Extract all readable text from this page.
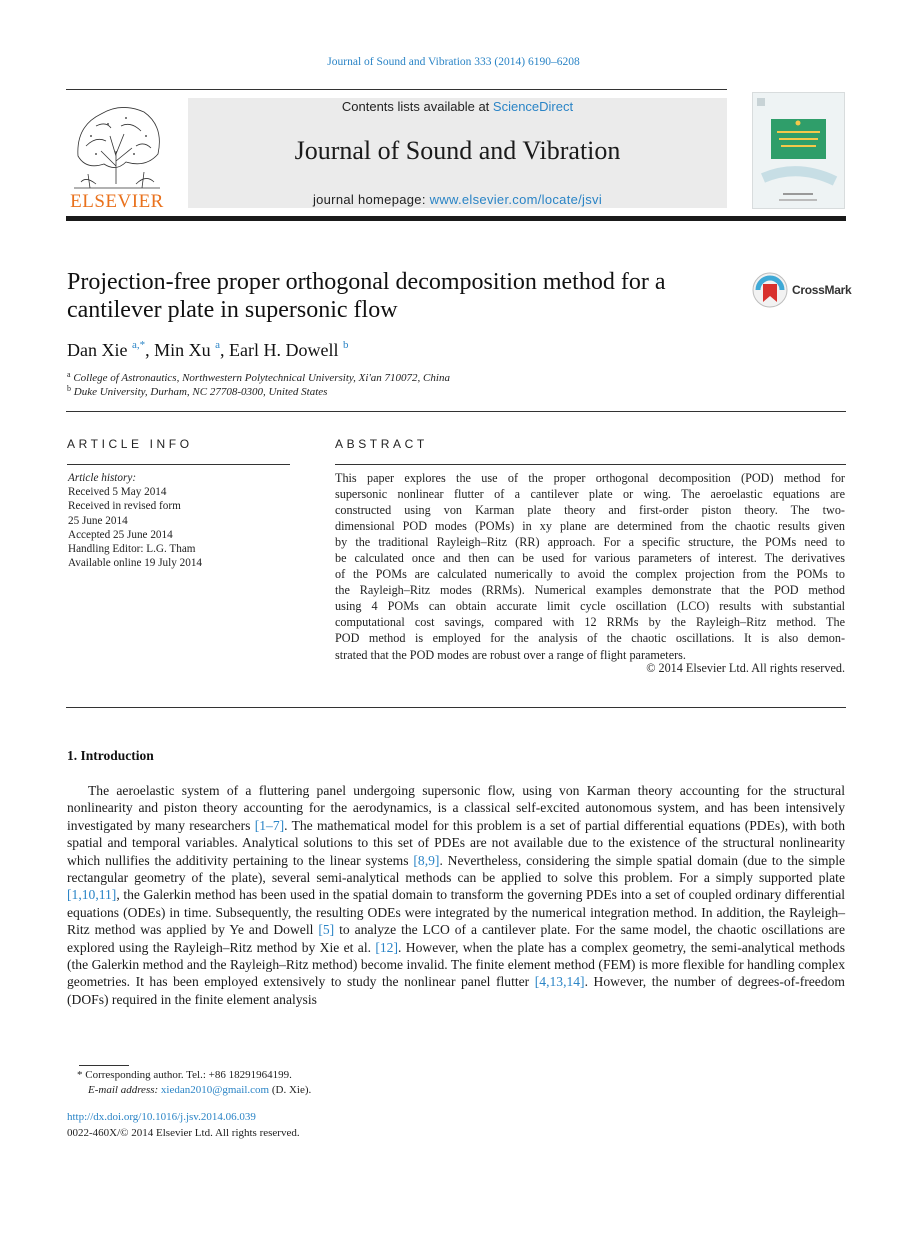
Journal of Sound and Vibration 333 (2014) 6190–6208
ELSEVIER
Contents lists available at ScienceDirect
Journal of Sound and Vibration
journal homepage: www.elsevier.com/locate/jsvi
Projection-free proper orthogonal decomposition method for a cantilever plate in supersonic flow
CrossMark
Dan Xie $^{a,*}$, Min Xu $^a$, Earl H. Dowell $^b$
$^a$ College of Astronautics, Northwestern Polytechnical University, Xi'an 710072, China
$^b$ Duke University, Durham, NC 27708-0300, United States
ARTICLE INFO
Article history:
Received 5 May 2014
Received in revised form
25 June 2014
Accepted 25 June 2014
Handling Editor: L.G. Tham
Available online 19 July 2014
ABSTRACT
This paper explores the use of the proper orthogonal decomposition (POD) method for
supersonic nonlinear flutter of a cantilever plate or wing. The aeroelastic equations are
constructed using von Karman plate theory and first-order piston theory. The two-
dimensional POD modes (POMs) in xy plane are determined from the chaotic results given
by the traditional Rayleigh–Ritz (RR) approach. For a specific structure, the POMs need to
be calculated once and then can be used for various parameters of interest. The derivatives
of the POMs are calculated numerically to avoid the complex projection from the POMs to
the Rayleigh–Ritz modes (RRMs). Numerical examples demonstrate that the POD method
using 4 POMs can obtain accurate limit cycle oscillation (LCO) results with substantial
computational cost savings, compared with 12 RRMs by the Rayleigh–Ritz method. The
POD method is employed for the analysis of the chaotic oscillations. It is also demon-
strated that the POD modes are robust over a range of flight parameters.
© 2014 Elsevier Ltd. All rights reserved.
1. Introduction
The aeroelastic system of a fluttering panel undergoing supersonic flow, using von Karman theory accounting for the structural nonlinearity and piston theory accounting for the aerodynamics, is a classical self-excited autonomous system, and has been intensively investigated by many researchers [1–7]. The mathematical model for this problem is a set of partial differential equations (PDEs), with both spatial and temporal variables. Analytical solutions to this set of PDEs are not available due to the existence of the structural nonlinearity which nullifies the additivity pertaining to the linear systems [8,9]. Nevertheless, considering the simple spatial domain (due to the simple rectangular geometry of the plate), several semi-analytical methods can be applied to solve this problem. For a simply supported plate [1,10,11], the Galerkin method has been used in the spatial domain to transform the governing PDEs into a set of coupled ordinary differential equations (ODEs) in time. Subsequently, the resulting ODEs were integrated by the numerical integration method. In addition, the Rayleigh–Ritz method was applied by Ye and Dowell [5] to analyze the LCO of a cantilever plate. For the same model, the chaotic oscillations are explored using the Rayleigh–Ritz method by Xie et al. [12]. However, when the plate has a complex geometry, the semi-analytical methods (the Galerkin method and the Rayleigh–Ritz method) become invalid. The finite element method (FEM) is more flexible for handling complex geometries. It has been employed extensively to study the nonlinear panel flutter [4,13,14]. However, the number of degrees-of-freedom (DOFs) required in the finite element analysis
* Corresponding author. Tel.: +86 18291964199.
E-mail address: xiedan2010@gmail.com (D. Xie).
http://dx.doi.org/10.1016/j.jsv.2014.06.039
0022-460X/© 2014 Elsevier Ltd. All rights reserved.
